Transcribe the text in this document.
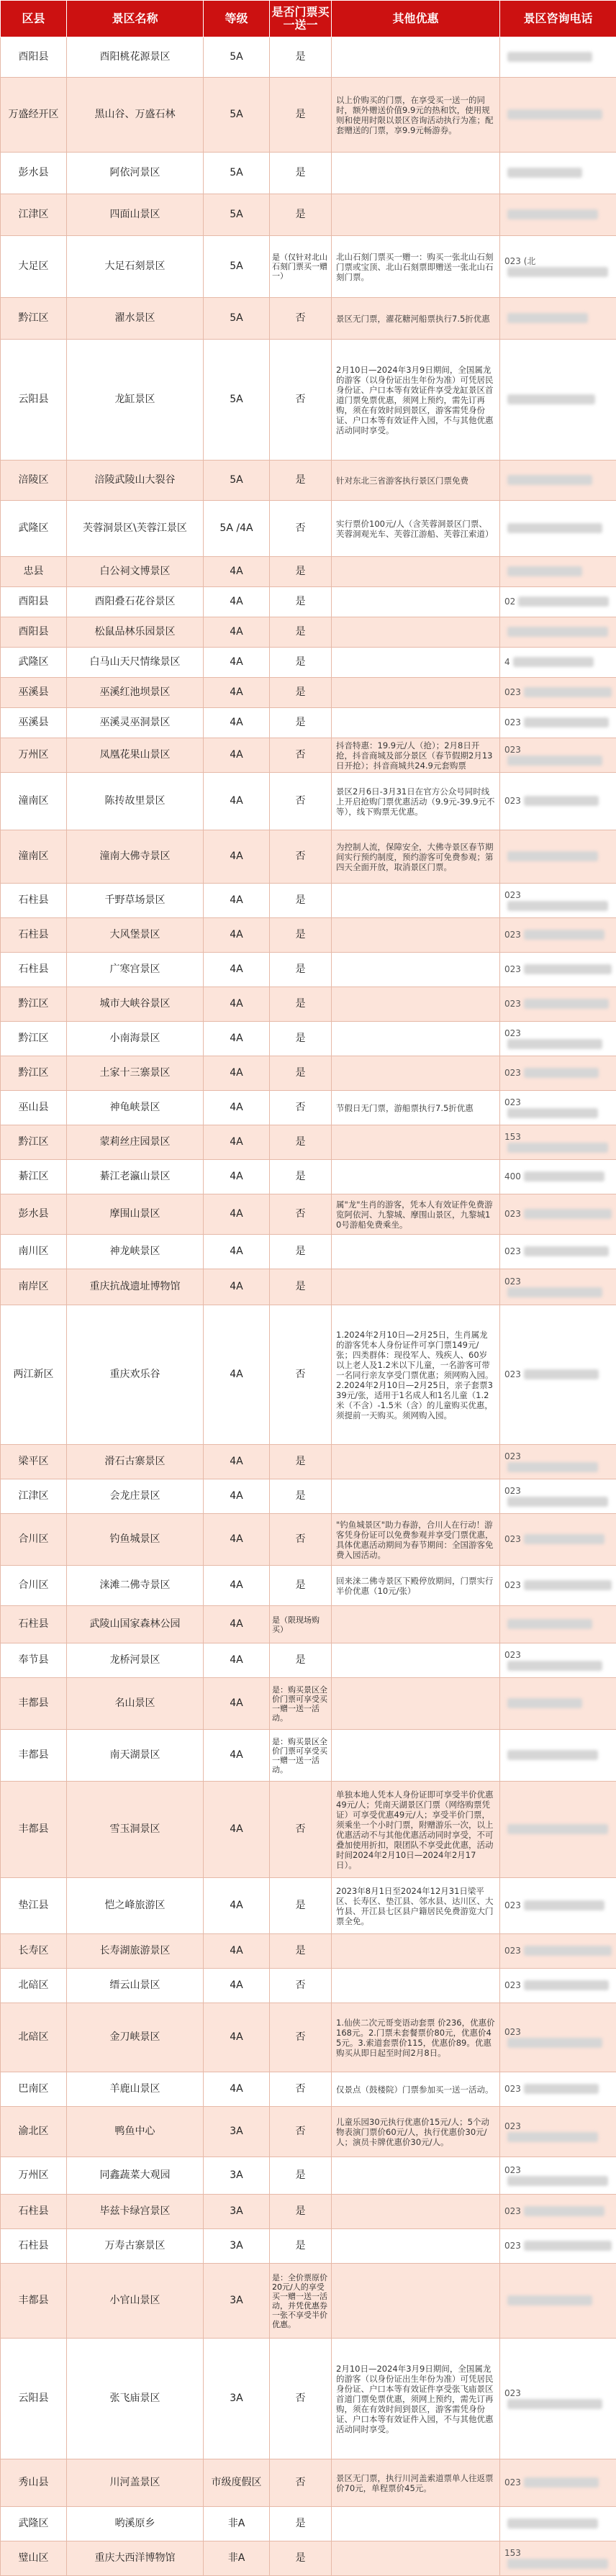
区县	景区名称	等级	是否门票买一送一	其他优惠	景区咨询电话
酉阳县	酉阳桃花源景区	5A	是		
万盛经开区	黑山谷、万盛石林	5A	是	以上价购买的门票，在享受买一送一的同时，额外赠送价值9.9元的热和饮，使用规则和使用时限以景区咨询活动执行为准；配套赠送的门票，享9.9元畅游券。	
彭水县	阿依河景区	5A	是		
江津区	四面山景区	5A	是		
大足区	大足石刻景区	5A	是（仅针对北山石刻门票买一赠一）	北山石刻门票买一赠一：购买一张北山石刻门票或宝顶、北山石刻票即赠送一张北山石刻门票。	023 (北
黔江区	濯水景区	5A	否	景区无门票，濯花糖河船票执行7.5折优惠	
云阳县	龙缸景区	5A	否	2月10日—2024年3月9日期间，全国属龙的游客（以身份证出生年份为准）可凭居民身份证、户口本等有效证件享受龙缸景区首道门票免票优惠，须网上预约，需先订再购，须在有效时间到景区，游客需凭身份证、户口本等有效证件入园，不与其他优惠活动同时享受。	
涪陵区	涪陵武陵山大裂谷	5A	是	针对东北三省游客执行景区门票免费	
武隆区	芙蓉洞景区\芙蓉江景区	5A /4A	否	实行票价100元/人（含芙蓉洞景区门票、芙蓉洞观光车、芙蓉江游船、芙蓉江索道）	
忠县	白公祠文博景区	4A	是		
酉阳县	酉阳叠石花谷景区	4A	是		02
酉阳县	松鼠品林乐园景区	4A	是		
武隆区	白马山天尺情缘景区	4A	是		4
巫溪县	巫溪红池坝景区	4A	是		023
巫溪县	巫溪灵巫洞景区	4A	是		023
万州区	凤凰花果山景区	4A	否	抖音特惠：19.9元/人（抢）；2月8日开抢，抖音商城及部分景区（春节假期2月13日开抢）；抖音商城共24.9元套购票	023
潼南区	陈抟故里景区	4A	否	景区2月6日-3月31日在官方公众号同时线上开启抢购门票优惠活动（9.9元-39.9元不等），线下购票无优惠。	023
潼南区	潼南大佛寺景区	4A	否	为控制人流，保障安全，大佛寺景区春节期间实行预约制度，预约游客可免费参观；第四天全面开放，取消景区门票。	
石柱县	千野草场景区	4A	是		023
石柱县	大风堡景区	4A	是		023
石柱县	广寒宫景区	4A	是		023
黔江区	城市大峡谷景区	4A	是		023
黔江区	小南海景区	4A	是		023
黔江区	土家十三寨景区	4A	是		023
巫山县	神龟峡景区	4A	否	节假日无门票，游船票执行7.5折优惠	023
黔江区	蒙莉丝庄园景区	4A	是		153
綦江区	綦江老瀛山景区	4A	是		400
彭水县	摩围山景区	4A	否	属"龙"生肖的游客，凭本人有效证件免费游览阿依河、九黎城、摩围山景区，九黎城10号游船免费乘坐。	023
南川区	神龙峡景区	4A	是		023
南岸区	重庆抗战遗址博物馆	4A	是		023
两江新区	重庆欢乐谷	4A	否	1.2024年2月10日—2月25日，生肖属龙的游客凭本人身份证件可享门票149元/张；四类群体：现役军人、残疾人、60岁以上老人及1.2米以下儿童，一名游客可带一名同行亲友享受门票优惠；须网购入园。2.2024年2月10日—2月25日，亲子套票339元/张，适用于1名成人和1名儿童（1.2米（不含）-1.5米（含）的儿童购买优惠，须提前一天购买。须网购入园。	023
梁平区	滑石古寨景区	4A	是		023
江津区	会龙庄景区	4A	是		023
合川区	钓鱼城景区	4A	否	"钓鱼城景区"助力春游，合川人在行动！游客凭身份证可以免费参观并享受门票优惠，具体优惠活动期间为春节期间：全国游客免费入园活动。	023
合川区	涞滩二佛寺景区	4A	是	回来涞二佛寺景区下殿停放期间，门票实行半价优惠（10元/张）	023
石柱县	武陵山国家森林公园	4A	是（限现场购买）		
奉节县	龙桥河景区	4A	是		023
丰都县	名山景区	4A	是：购买景区全价门票可享受买一赠一送一活动。		
丰都县	南天湖景区	4A	是：购买景区全价门票可享受买一赠一送一活动。		
丰都县	雪玉洞景区	4A	否	单独本地人凭本人身份证即可享受半价优惠49元/人；凭南天湖景区门票（网络购票凭证）可享受优惠49元/人；享受半价门票，须乘坐一个小时门票，附赠游乐一次，以上优惠活动不与其他优惠活动同时享受，不可叠加使用折扣，限团队不享受此优惠，活动时间2024年2月10日—2024年2月17日）。	
垫江县	恺之峰旅游区	4A	是	2023年8月1日至2024年12月31日梁平区、长寿区、垫江县、邻水县、达川区、大竹县、开江县七区县户籍居民免费游览大门票全免。	023
长寿区	长寿湖旅游景区	4A	是		023
北碚区	缙云山景区	4A	否		023
北碚区	金刀峡景区	4A	否	1.仙侠二次元哥变语动套票 价236，优惠价168元。2.门票未套餐票价80元，优惠价45元。3.索道套票价115，优惠价89。优惠购买从即日起至时间2月8日。	023
巴南区	羊鹿山景区	4A	否	仅景点（鼓楼院）门票参加买一送一活动。	023
渝北区	鸭鱼中心	3A	否	儿童乐园30元执行优惠价15元/人；5个动物表演门票价60元/人，执行优惠价30元/人；演员卡牌优惠价30元/人。	023
万州区	同鑫蔬菜大观园	3A	是		023
石柱县	毕兹卡绿宫景区	3A	是		023
石柱县	万寿古寨景区	3A	是		023
丰都县	小官山景区	3A	是：全价票原价20元/人的享受买一赠一送一活动，并凭优惠券一张不享受半价优惠。		
云阳县	张飞庙景区	3A	否	2月10日—2024年3月9日期间，全国属龙的游客（以身份证出生年份为准）可凭居民身份证、户口本等有效证件享受张飞庙景区首道门票免票优惠，须网上预约，需先订再购，须在有效时间到景区，游客需凭身份证、户口本等有效证件入园，不与其他优惠活动同时享受。	023
秀山县	川河盖景区	市级度假区	否	景区无门票，执行川河盖索道票单人往返票价70元，单程票价45元。	023
武隆区	哟溪原乡	非A	是		
璧山区	重庆大西洋博物馆	非A	是		153
